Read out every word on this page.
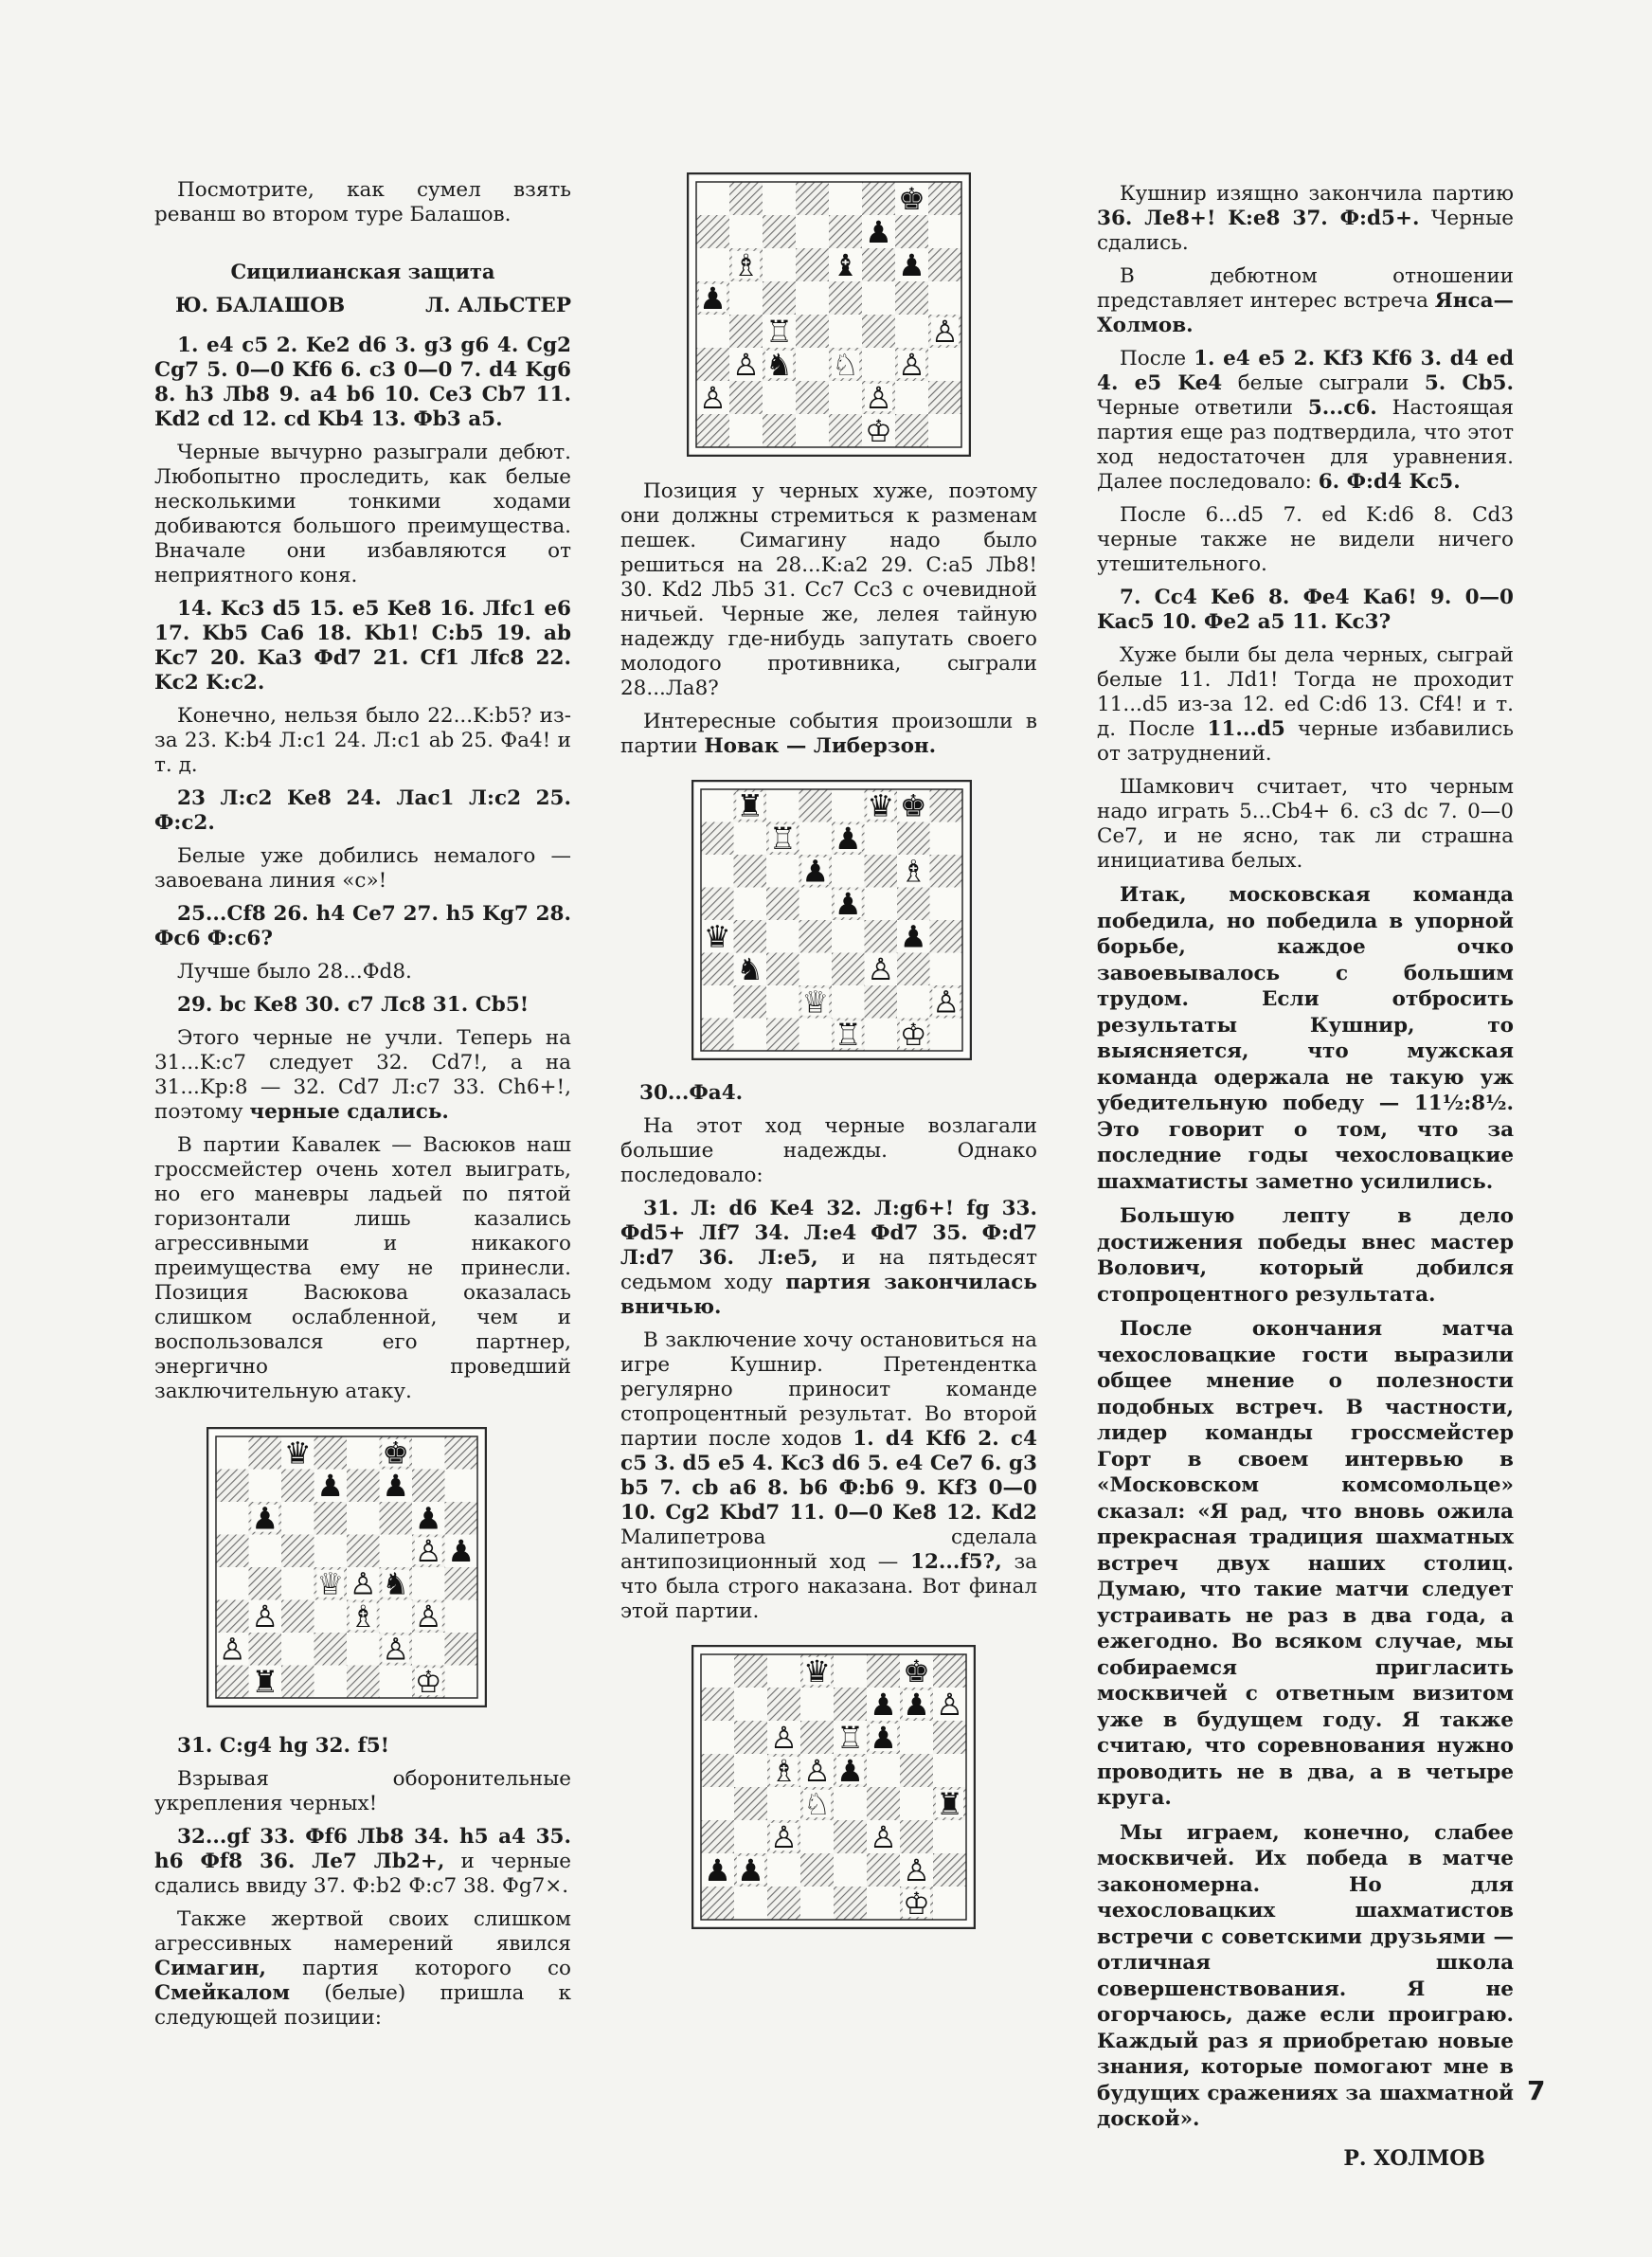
Посмотрите, как сумел взять реванш во втором туре Балашов.

Сицилианская защита
Ю. БАЛАШОВ	Л. АЛЬСТЕР

1. e4 c5 2. Ke2 d6 3. g3 g6 4. Cg2 Cg7 5. 0—0 Kf6 6. c3 0—0 7. d4 Kg6 8. h3 Лb8 9. a4 b6 10. Ce3 Cb7 11. Kd2 cd 12. cd Kb4 13. Фb3 a5.

Черные вычурно разыграли дебют. Любопытно проследить, как белые несколькими тонкими ходами добиваются большого преимущества. Вначале они избавляются от неприятного коня.

14. Kc3 d5 15. e5 Ke8 16. Лfc1 e6 17. Kb5 Ca6 18. Kb1! C:b5 19. ab Kc7 20. Ka3 Фd7 21. Cf1 Лfc8 22. Kc2 K:c2.

Конечно, нельзя было 22...K:b5? из-за 23. K:b4 Л:c1 24. Л:c1 ab 25. Фa4! и т. д.

23 Л:c2 Ke8 24. Лac1 Л:c2 25. Ф:c2.

Белые уже добились немалого — завоевана линия «c»!

25...Cf8 26. h4 Ce7 27. h5 Kg7 28. Фc6 Ф:c6?

Лучше было 28...Фd8.

29. bc Ke8 30. c7 Лc8 31. Cb5!

Этого черные не учли. Теперь на 31...K:c7 следует 32. Cd7!, а на 31...Kp:8 — 32. Cd7 Л:c7 33. Ch6+!, поэтому черные сдались.

В партии Кавалек — Васюков наш гроссмейстер очень хотел выиграть, но его маневры ладьей по пятой горизонтали лишь казались агрессивными и никакого преимущества ему не принесли. Позиция Васюкова оказалась слишком ослабленной, чем и воспользовался его партнер, энергично проведший заключительную атаку.

♛ ♚
♟ ♟
♟	♟
♙ ♟
♕ ♙ ♞
♙ ♗ ♙
♙	♙
♜	♔

31. C:g4 hg 32. f5!

Взрывая оборонительные укрепления черных!

32...gf 33. Фf6 Лb8 34. h5 a4 35. h6 Фf8 36. Лe7 Лb2+, и черные сдались ввиду 37. Ф:b2 Ф:c7 38. Фg7×.

Также жертвой своих слишком агрессивных намерений явился Симагин, партия которого со Смейкалом (белые) пришла к следующей позиции:

♚
♟
♗ ♝ ♟
♟
♖	♙
♙ ♞ ♘ ♙
♙	♙
♔

Позиция у черных хуже, поэтому они должны стремиться к разменам пешек. Симагину надо было решиться на 28...K:a2 29. C:a5 Лb8! 30. Kd2 Лb5 31. Cc7 Cc3 с очевидной ничьей. Черные же, лелея тайную надежду где-нибудь запутать своего молодого противника, сыграли 28...Лa8?

Интересные события произошли в партии Новак — Либерзон.

♜	♛ ♚
♖ ♟
♟ ♗
♟
♛	♟
♞	♙
♕	♙
♖ ♔

30...Фa4.

На этот ход черные возлагали большие надежды. Однако последовало:

31. Л: d6 Ke4 32. Л:g6+! fg 33. Фd5+ Лf7 34. Л:e4 Фd7 35. Ф:d7 Л:d7 36. Л:e5, и на пятьдесят седьмом ходу партия закончилась вничью.

В заключение хочу остановиться на игре Кушнир. Претендентка регулярно приносит команде стопроцентный результат. Во второй партии после ходов 1. d4 Kf6 2. c4 c5 3. d5 e5 4. Kc3 d6 5. e4 Ce7 6. g3 b5 7. cb a6 8. b6 Ф:b6 9. Kf3 0—0 10. Cg2 Kbd7 11. 0—0 Ke8 12. Kd2 Малипетрова сделала антипозиционный ход — 12...f5?, за что была строго наказана. Вот финал этой партии.

♛ ♚
♟ ♟ ♙
♙ ♖ ♟
♗ ♙ ♟
♘	♜
♙ ♙
♟ ♟	♙
♔

Кушнир изящно закончила партию 36. Лe8+! K:e8 37. Ф:d5+. Черные сдались.

В дебютном отношении представляет интерес встреча Янса—Холмов.

После 1. e4 e5 2. Kf3 Kf6 3. d4 ed 4. e5 Ke4 белые сыграли 5. Cb5. Черные ответили 5...c6. Настоящая партия еще раз подтвердила, что этот ход недостаточен для уравнения. Далее последовало: 6. Ф:d4 Kc5.

После 6...d5 7. ed K:d6 8. Cd3 черные также не видели ничего утешительного.

7. Cc4 Ke6 8. Фe4 Ka6! 9. 0—0 Kac5 10. Фe2 a5 11. Kc3?

Хуже были бы дела черных, сыграй белые 11. Лd1! Тогда не проходит 11...d5 из-за 12. ed C:d6 13. Cf4! и т. д. После 11...d5 черные избавились от затруднений.

Шамкович считает, что черным надо играть 5...Cb4+ 6. c3 dc 7. 0—0 Ce7, и не ясно, так ли страшна инициатива белых.

Итак, московская команда победила, но победила в упорной борьбе, каждое очко завоевывалось с большим трудом. Если отбросить результаты Кушнир, то выясняется, что мужская команда одержала не такую уж убедительную победу — 11½:8½. Это говорит о том, что за последние годы чехословацкие шахматисты заметно усилились.

Большую лепту в дело достижения победы внес мастер Волович, который добился стопроцентного результата.

После окончания матча чехословацкие гости выразили общее мнение о полезности подобных встреч. В частности, лидер команды гроссмейстер Горт в своем интервью в «Московском комсомольце» сказал: «Я рад, что вновь ожила прекрасная традиция шахматных встреч двух наших столиц. Думаю, что такие матчи следует устраивать не раз в два года, а ежегодно. Во всяком случае, мы собираемся пригласить москвичей с ответным визитом уже в будущем году. Я также считаю, что соревнования нужно проводить не в два, а в четыре круга.

Мы играем, конечно, слабее москвичей. Их победа в матче закономерна. Но для чехословацких шахматистов встречи с советскими друзьями — отличная школа совершенствования. Я не огорчаюсь, даже если проиграю. Каждый раз я приобретаю новые знания, которые помогают мне в будущих сражениях за шахматной доской».

Р. ХОЛМОВ
7
